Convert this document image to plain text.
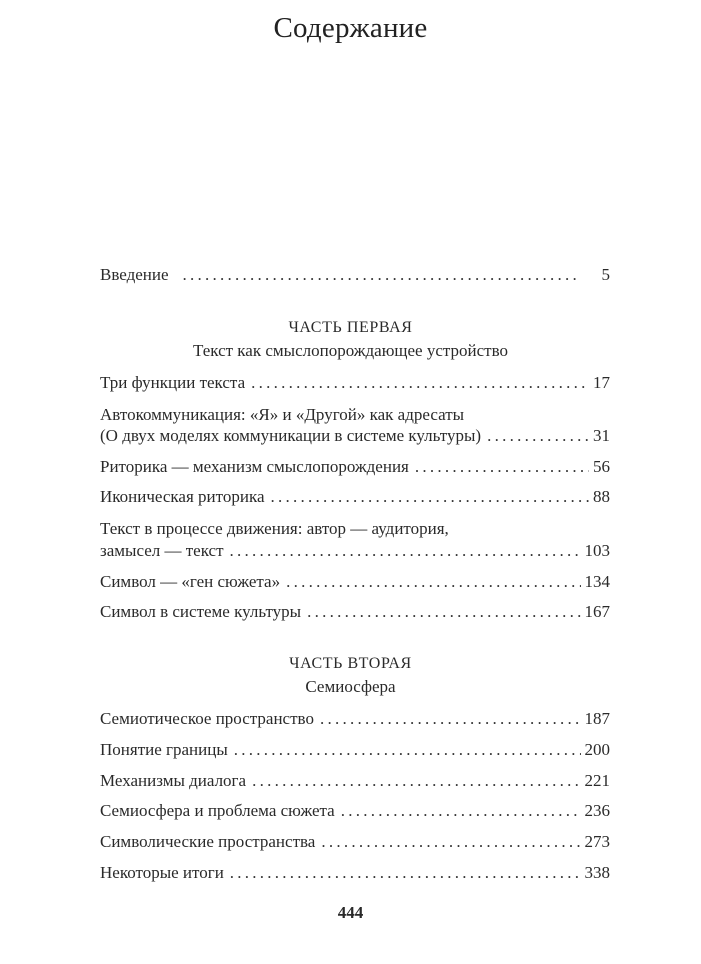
Содержание
Введение . . .	5
ЧАСТЬ ПЕРВАЯ
Текст как смыслопорождающее устройство
Три функции текста . . .	17
Автокоммуникация: «Я» и «Другой» как адресаты
(О двух моделях коммуникации в системе культуры) . . .	31
Риторика — механизм смыслопорождения . . .	56
Иконическая риторика . . .	88
Текст в процессе движения: автор — аудитория,
замысел — текст . . .	103
Символ — «ген сюжета» . . .	134
Символ в системе культуры . . .	167
ЧАСТЬ ВТОРАЯ
Семиосфера
Семиотическое пространство . . .	187
Понятие границы . . .	200
Механизмы диалога . . .	221
Семиосфера и проблема сюжета . . .	236
Символические пространства . . .	273
Некоторые итоги . . .	338
444
